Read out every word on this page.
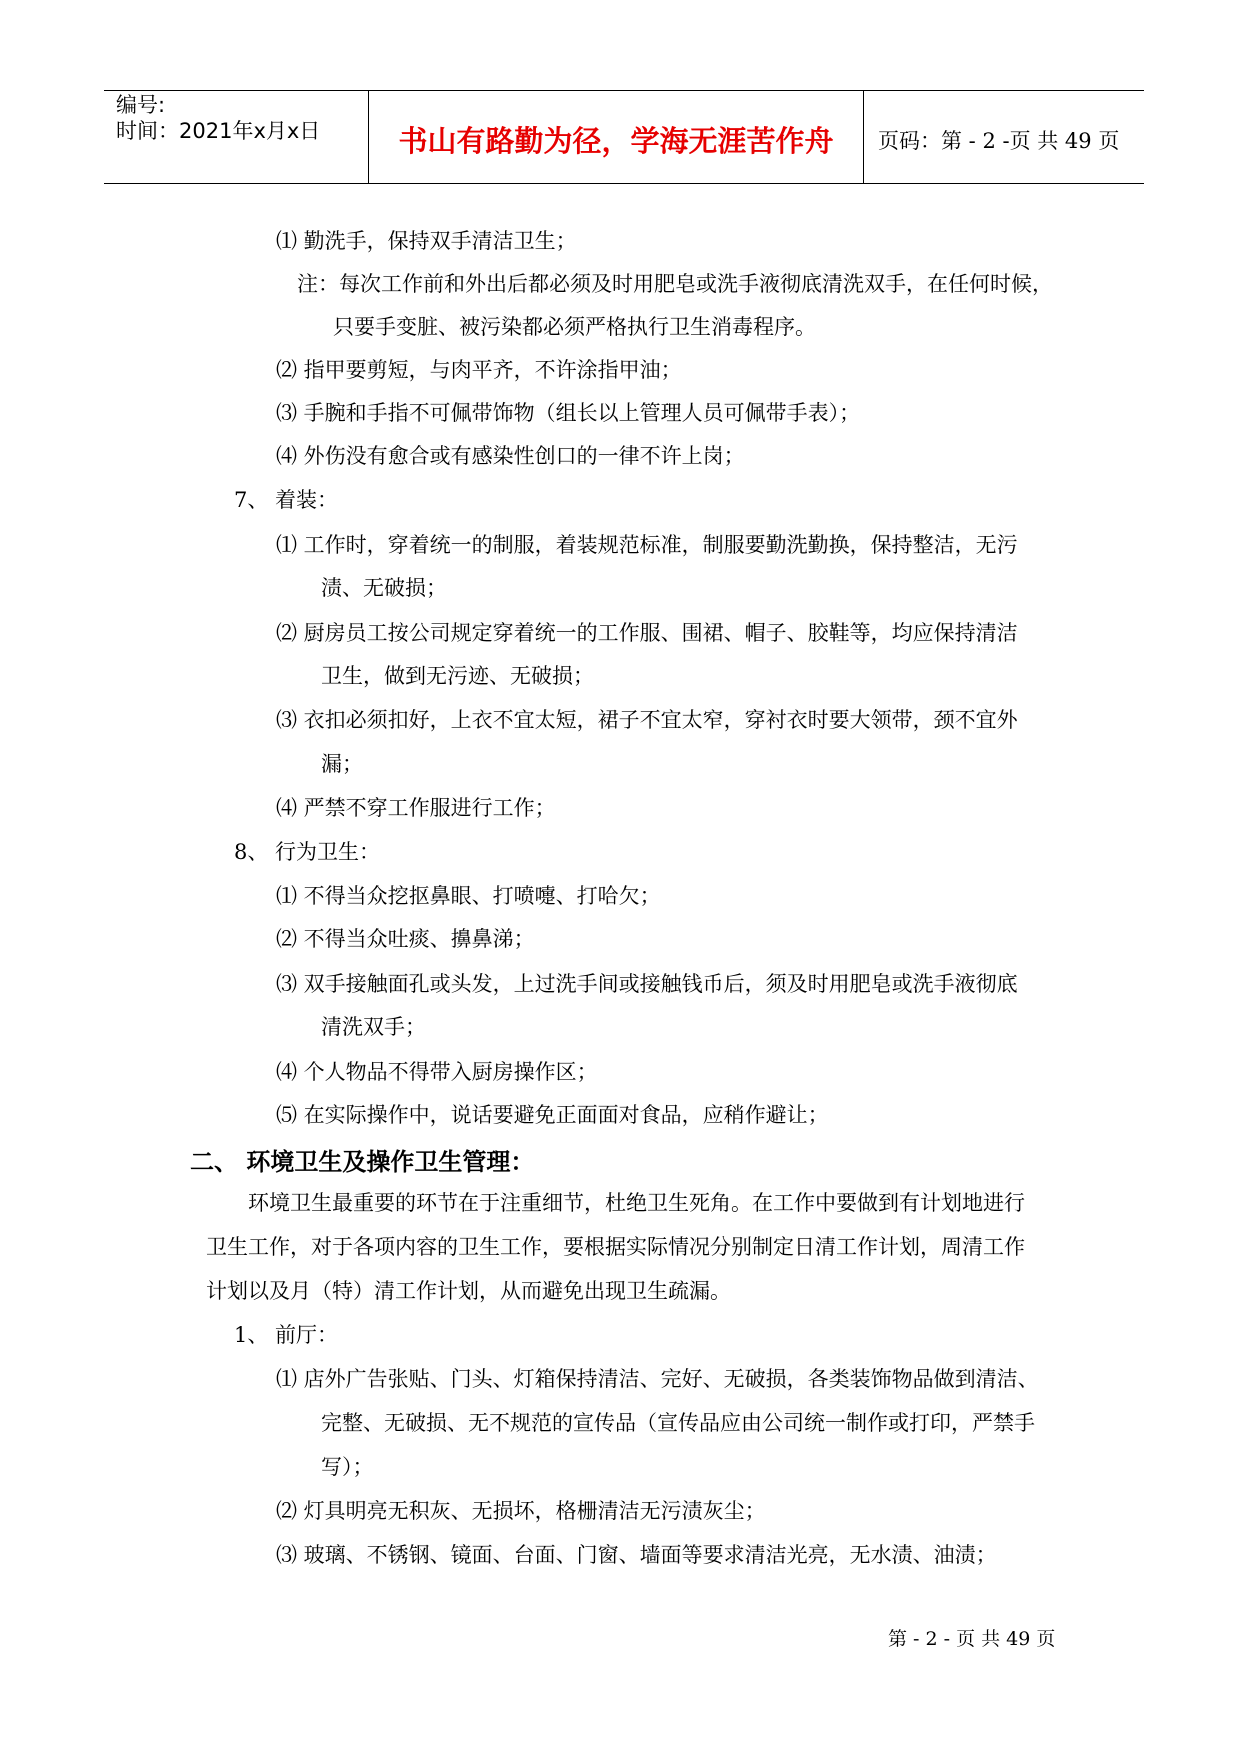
编号:
时间：2021年x月x日	书山有路勤为径，学海无涯苦作舟	页码：第 - 2 -页 共 49 页
⑴ 勤洗手，保持双手清洁卫生；
注：每次工作前和外出后都必须及时用肥皂或洗手液彻底清洗双手，在任何时候，
只要手变脏、被污染都必须严格执行卫生消毒程序。
⑵ 指甲要剪短，与肉平齐，不许涂指甲油；
⑶ 手腕和手指不可佩带饰物（组长以上管理人员可佩带手表）；
⑷ 外伤没有愈合或有感染性创口的一律不许上岗；
7、 着装：
⑴ 工作时，穿着统一的制服，着装规范标准，制服要勤洗勤换，保持整洁，无污
渍、无破损；
⑵ 厨房员工按公司规定穿着统一的工作服、围裙、帽子、胶鞋等，均应保持清洁
卫生，做到无污迹、无破损；
⑶ 衣扣必须扣好，上衣不宜太短，裙子不宜太窄，穿衬衣时要大领带，颈不宜外
漏；
⑷ 严禁不穿工作服进行工作；
8、 行为卫生：
⑴ 不得当众挖抠鼻眼、打喷嚏、打哈欠；
⑵ 不得当众吐痰、擤鼻涕；
⑶ 双手接触面孔或头发，上过洗手间或接触钱币后，须及时用肥皂或洗手液彻底
清洗双手；
⑷ 个人物品不得带入厨房操作区；
⑸ 在实际操作中，说话要避免正面面对食品，应稍作避让；
二、 环境卫生及操作卫生管理：
环境卫生最重要的环节在于注重细节，杜绝卫生死角。在工作中要做到有计划地进行
卫生工作，对于各项内容的卫生工作，要根据实际情况分别制定日清工作计划，周清工作
计划以及月（特）清工作计划，从而避免出现卫生疏漏。
1、 前厅：
⑴ 店外广告张贴、门头、灯箱保持清洁、完好、无破损，各类装饰物品做到清洁、
完整、无破损、无不规范的宣传品（宣传品应由公司统一制作或打印，严禁手
写）；
⑵ 灯具明亮无积灰、无损坏，格栅清洁无污渍灰尘；
⑶ 玻璃、不锈钢、镜面、台面、门窗、墙面等要求清洁光亮，无水渍、油渍；
第 - 2 - 页 共 49 页
